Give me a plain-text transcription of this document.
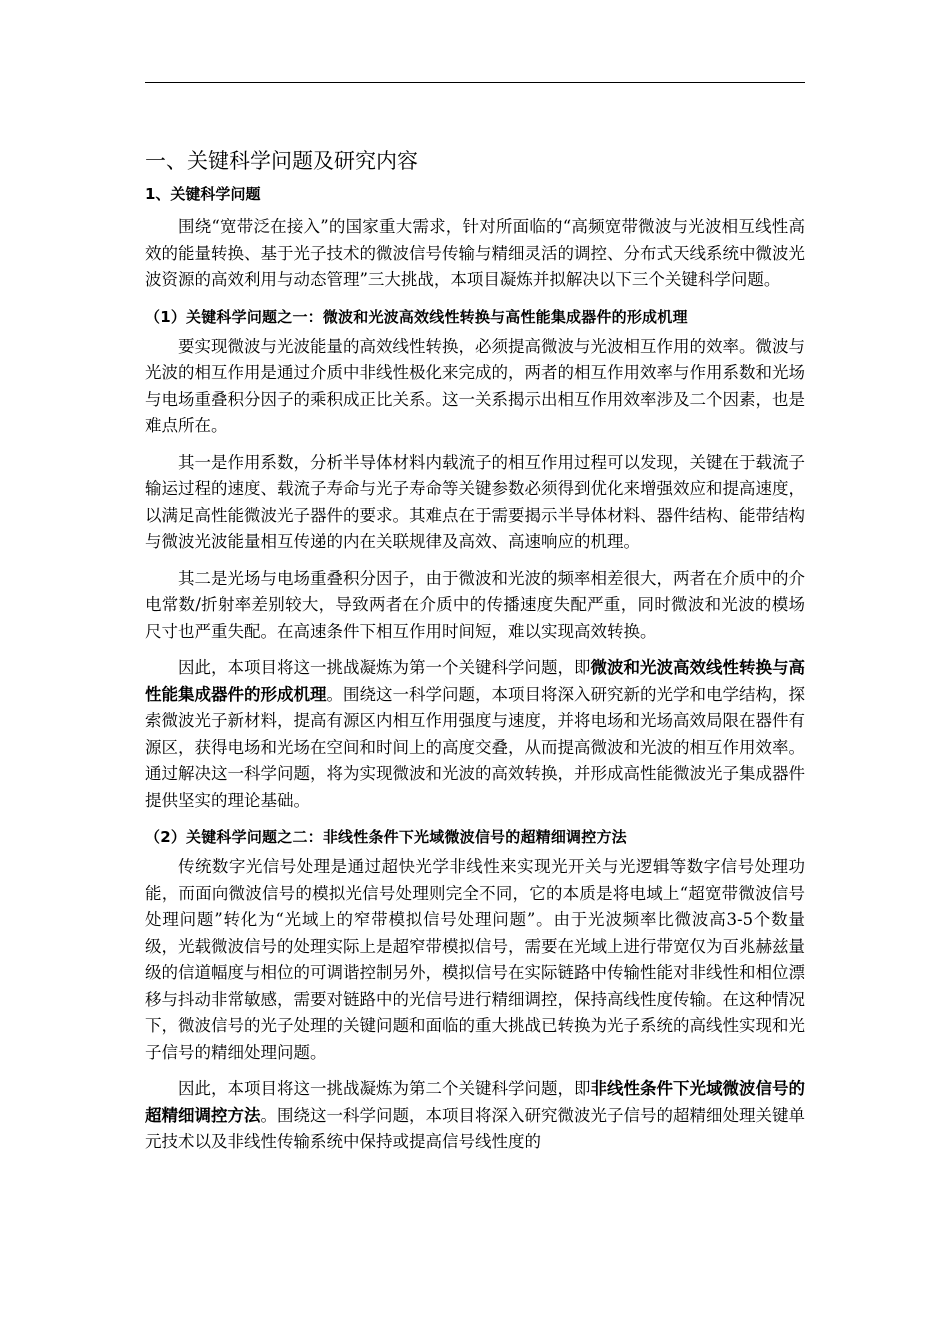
一、关键科学问题及研究内容
1、关键科学问题

围绕“宽带泛在接入”的国家重大需求，针对所面临的“高频宽带微波与光波相互线性高效的能量转换、基于光子技术的微波信号传输与精细灵活的调控、分布式天线系统中微波光波资源的高效利用与动态管理”三大挑战，本项目凝炼并拟解决以下三个关键科学问题。

（1）关键科学问题之一：微波和光波高效线性转换与高性能集成器件的形成机理

要实现微波与光波能量的高效线性转换，必须提高微波与光波相互作用的效率。微波与光波的相互作用是通过介质中非线性极化来完成的，两者的相互作用效率与作用系数和光场与电场重叠积分因子的乘积成正比关系。这一关系揭示出相互作用效率涉及二个因素，也是难点所在。

其一是作用系数，分析半导体材料内载流子的相互作用过程可以发现，关键在于载流子输运过程的速度、载流子寿命与光子寿命等关键参数必须得到优化来增强效应和提高速度，以满足高性能微波光子器件的要求。其难点在于需要揭示半导体材料、器件结构、能带结构与微波光波能量相互传递的内在关联规律及高效、高速响应的机理。

其二是光场与电场重叠积分因子，由于微波和光波的频率相差很大，两者在介质中的介电常数/折射率差别较大，导致两者在介质中的传播速度失配严重，同时微波和光波的模场尺寸也严重失配。在高速条件下相互作用时间短，难以实现高效转换。

因此，本项目将这一挑战凝炼为第一个关键科学问题，即微波和光波高效线性转换与高性能集成器件的形成机理。围绕这一科学问题，本项目将深入研究新的光学和电学结构，探索微波光子新材料，提高有源区内相互作用强度与速度，并将电场和光场高效局限在器件有源区，获得电场和光场在空间和时间上的高度交叠，从而提高微波和光波的相互作用效率。通过解决这一科学问题，将为实现微波和光波的高效转换，并形成高性能微波光子集成器件提供坚实的理论基础。

（2）关键科学问题之二：非线性条件下光域微波信号的超精细调控方法

传统数字光信号处理是通过超快光学非线性来实现光开关与光逻辑等数字信号处理功能，而面向微波信号的模拟光信号处理则完全不同，它的本质是将电域上“超宽带微波信号处理问题”转化为“光域上的窄带模拟信号处理问题”。由于光波频率比微波高3-5个数量级，光载微波信号的处理实际上是超窄带模拟信号，需要在光域上进行带宽仅为百兆赫兹量级的信道幅度与相位的可调谐控制另外，模拟信号在实际链路中传输性能对非线性和相位漂移与抖动非常敏感，需要对链路中的光信号进行精细调控，保持高线性度传输。在这种情况下，微波信号的光子处理的关键问题和面临的重大挑战已转换为光子系统的高线性实现和光子信号的精细处理问题。

因此，本项目将这一挑战凝炼为第二个关键科学问题，即非线性条件下光域微波信号的超精细调控方法。围绕这一科学问题，本项目将深入研究微波光子信号的超精细处理关键单元技术以及非线性传输系统中保持或提高信号线性度的
